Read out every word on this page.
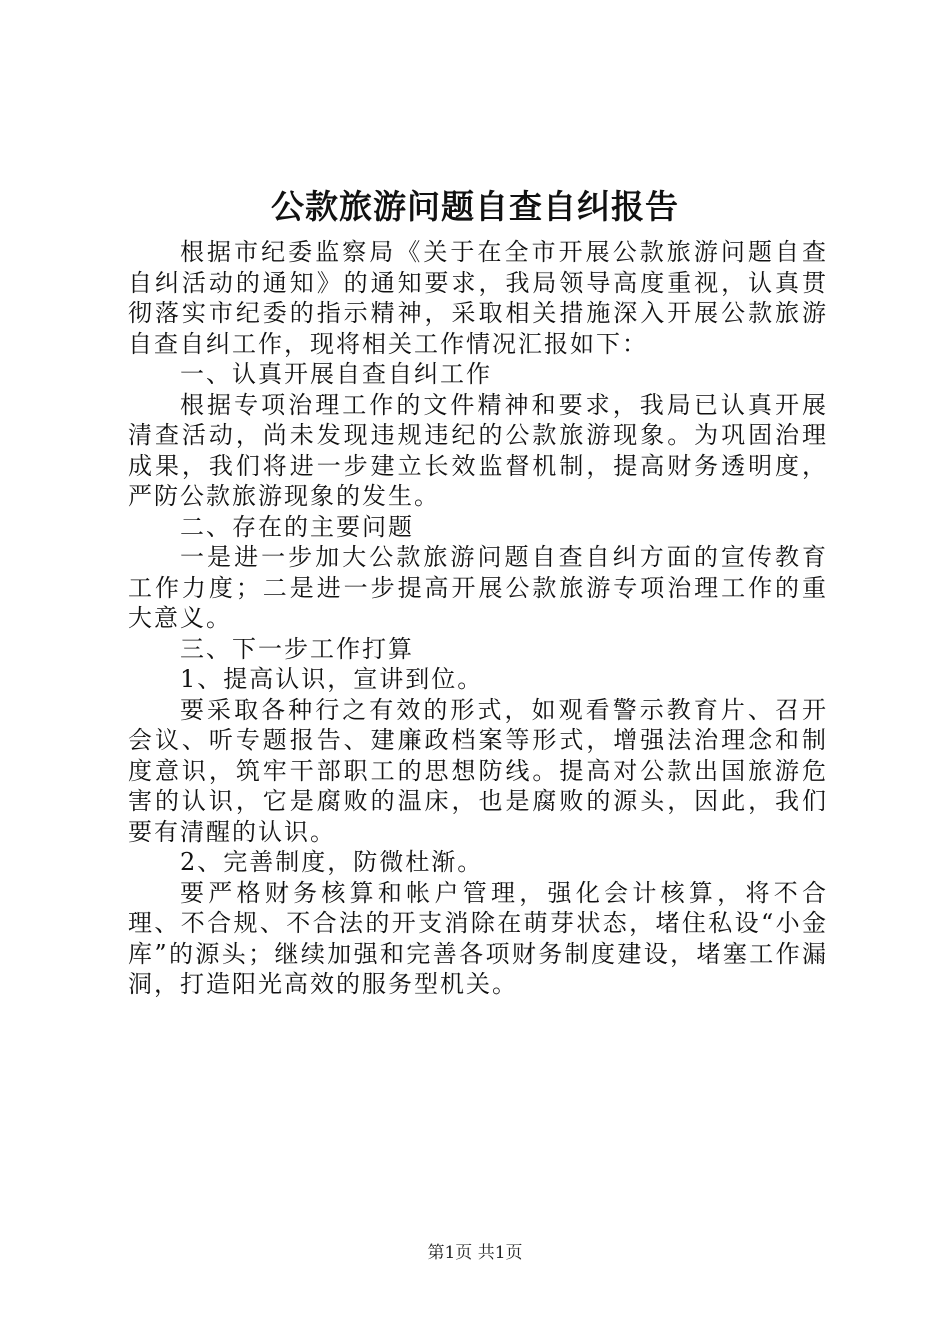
公款旅游问题自查自纠报告

根据市纪委监察局《关于在全市开展公款旅游问题自查自纠活动的通知》的通知要求，我局领导高度重视，认真贯彻落实市纪委的指示精神，采取相关措施深入开展公款旅游自查自纠工作，现将相关工作情况汇报如下：

一、认真开展自查自纠工作

根据专项治理工作的文件精神和要求，我局已认真开展清查活动，尚未发现违规违纪的公款旅游现象。为巩固治理成果，我们将进一步建立长效监督机制，提高财务透明度，严防公款旅游现象的发生。

二、存在的主要问题

一是进一步加大公款旅游问题自查自纠方面的宣传教育工作力度；二是进一步提高开展公款旅游专项治理工作的重大意义。

三、下一步工作打算

1、提高认识，宣讲到位。

要采取各种行之有效的形式，如观看警示教育片、召开会议、听专题报告、建廉政档案等形式，增强法治理念和制度意识，筑牢干部职工的思想防线。提高对公款出国旅游危害的认识，它是腐败的温床，也是腐败的源头，因此，我们要有清醒的认识。

2、完善制度，防微杜渐。

要严格财务核算和帐户管理，强化会计核算，将不合理、不合规、不合法的开支消除在萌芽状态，堵住私设“小金库”的源头；继续加强和完善各项财务制度建设，堵塞工作漏洞，打造阳光高效的服务型机关。

第1页 共1页
